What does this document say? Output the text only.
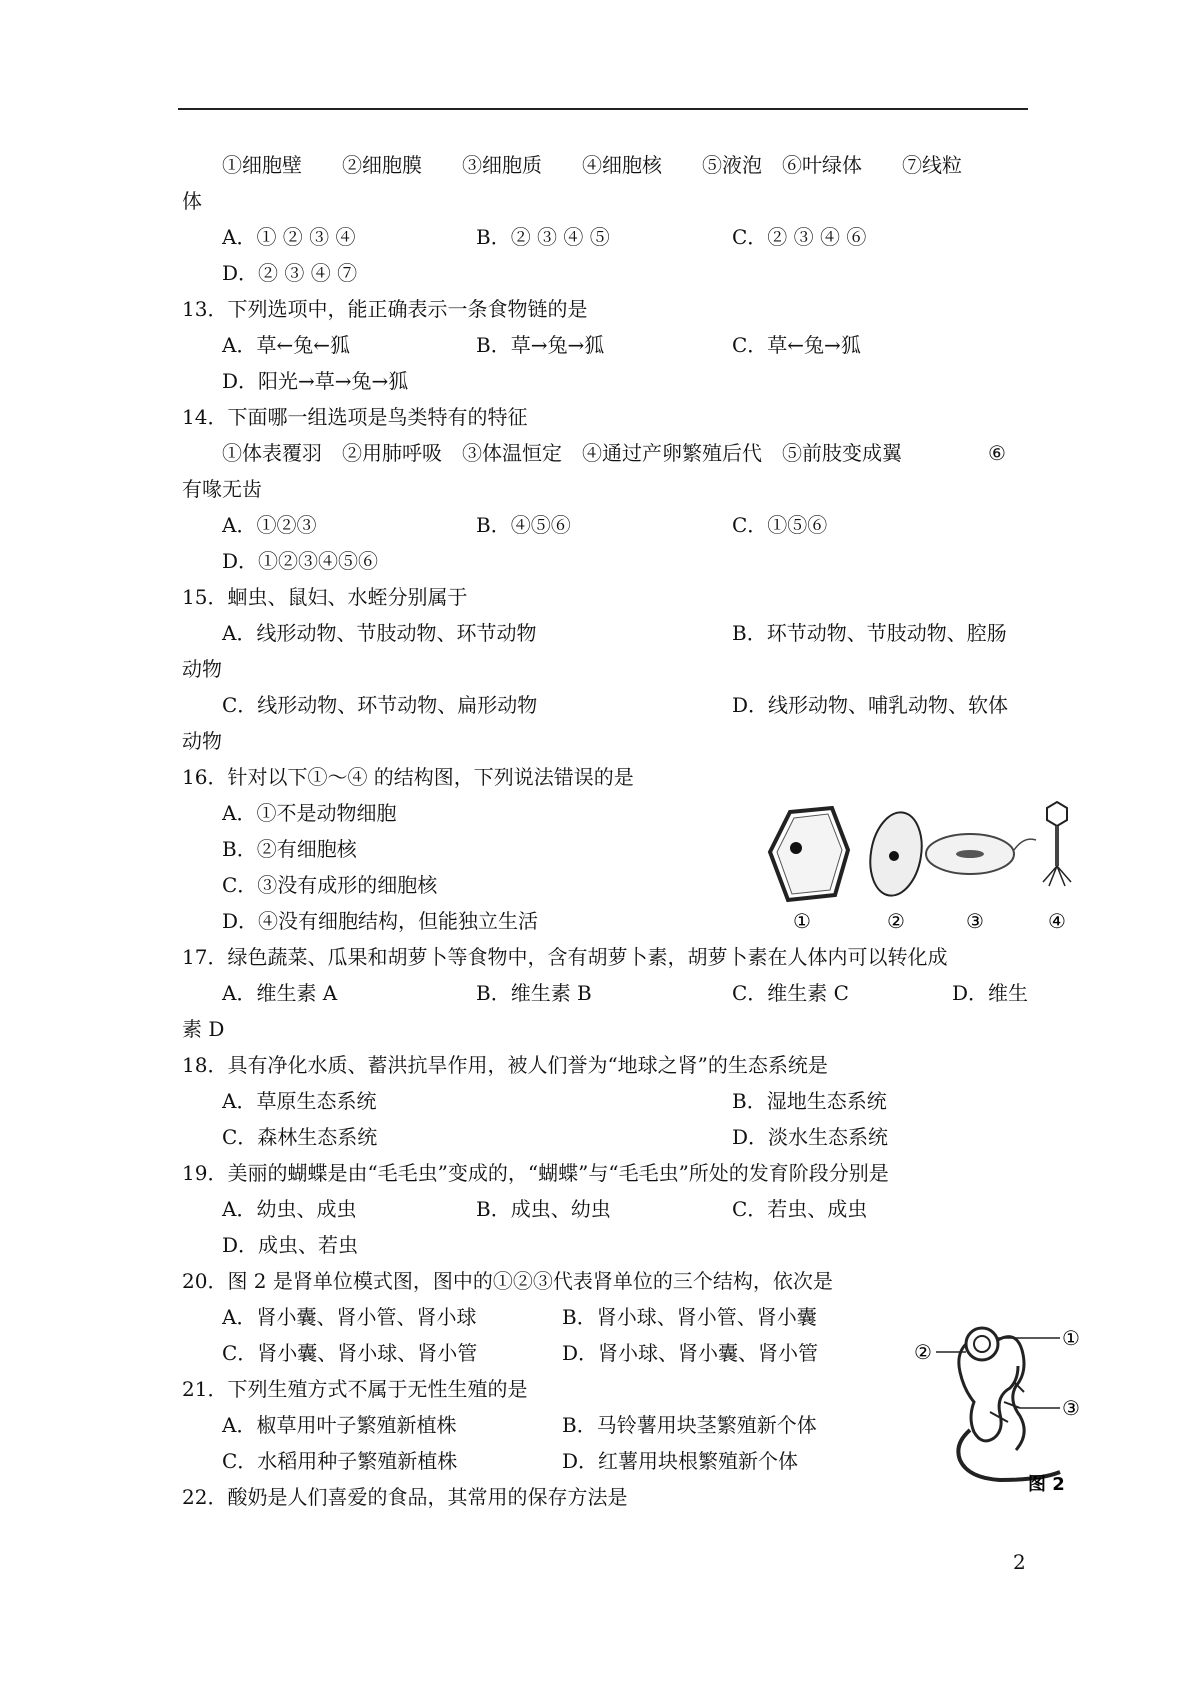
①细胞壁　　②细胞膜　　③细胞质　　④细胞核　　⑤液泡　⑥叶绿体　　⑦线粒
体
A．① ② ③ ④	B．② ③ ④ ⑤	C．② ③ ④ ⑥
D．② ③ ④ ⑦
13．下列选项中，能正确表示一条食物链的是
A．草←兔←狐	B．草→兔→狐	C．草←兔→狐
D．阳光→草→兔→狐
14．下面哪一组选项是鸟类特有的特征
①体表覆羽　②用肺呼吸　③体温恒定　④通过产卵繁殖后代　⑤前肢变成翼	⑥
有喙无齿
A．①②③	B．④⑤⑥	C．①⑤⑥
D．①②③④⑤⑥
15．蛔虫、鼠妇、水蛭分别属于
A．线形动物、节肢动物、环节动物	B．环节动物、节肢动物、腔肠
动物
C．线形动物、环节动物、扁形动物	D．线形动物、哺乳动物、软体
动物
16．针对以下①～④ 的结构图，下列说法错误的是
A．①不是动物细胞
B．②有细胞核
C．③没有成形的细胞核
D．④没有细胞结构，但能独立生活	①	②	③	④
17．绿色蔬菜、瓜果和胡萝卜等食物中，含有胡萝卜素，胡萝卜素在人体内可以转化成
A．维生素 A	B．维生素 B	C．维生素 C	D．维生
素 D
18．具有净化水质、蓄洪抗旱作用，被人们誉为“地球之肾”的生态系统是
A．草原生态系统	B．湿地生态系统
C．森林生态系统	D．淡水生态系统
19．美丽的蝴蝶是由“毛毛虫”变成的，“蝴蝶”与“毛毛虫”所处的发育阶段分别是
A．幼虫、成虫	B．成虫、幼虫	C．若虫、成虫
D．成虫、若虫
20．图 2 是肾单位模式图，图中的①②③代表肾单位的三个结构，依次是
A．肾小囊、肾小管、肾小球	B．肾小球、肾小管、肾小囊
C．肾小囊、肾小球、肾小管	D．肾小球、肾小囊、肾小管
①
②
③
图 2
21．下列生殖方式不属于无性生殖的是
A．椒草用叶子繁殖新植株	B．马铃薯用块茎繁殖新个体
C．水稻用种子繁殖新植株	D．红薯用块根繁殖新个体
22．酸奶是人们喜爱的食品，其常用的保存方法是
2
